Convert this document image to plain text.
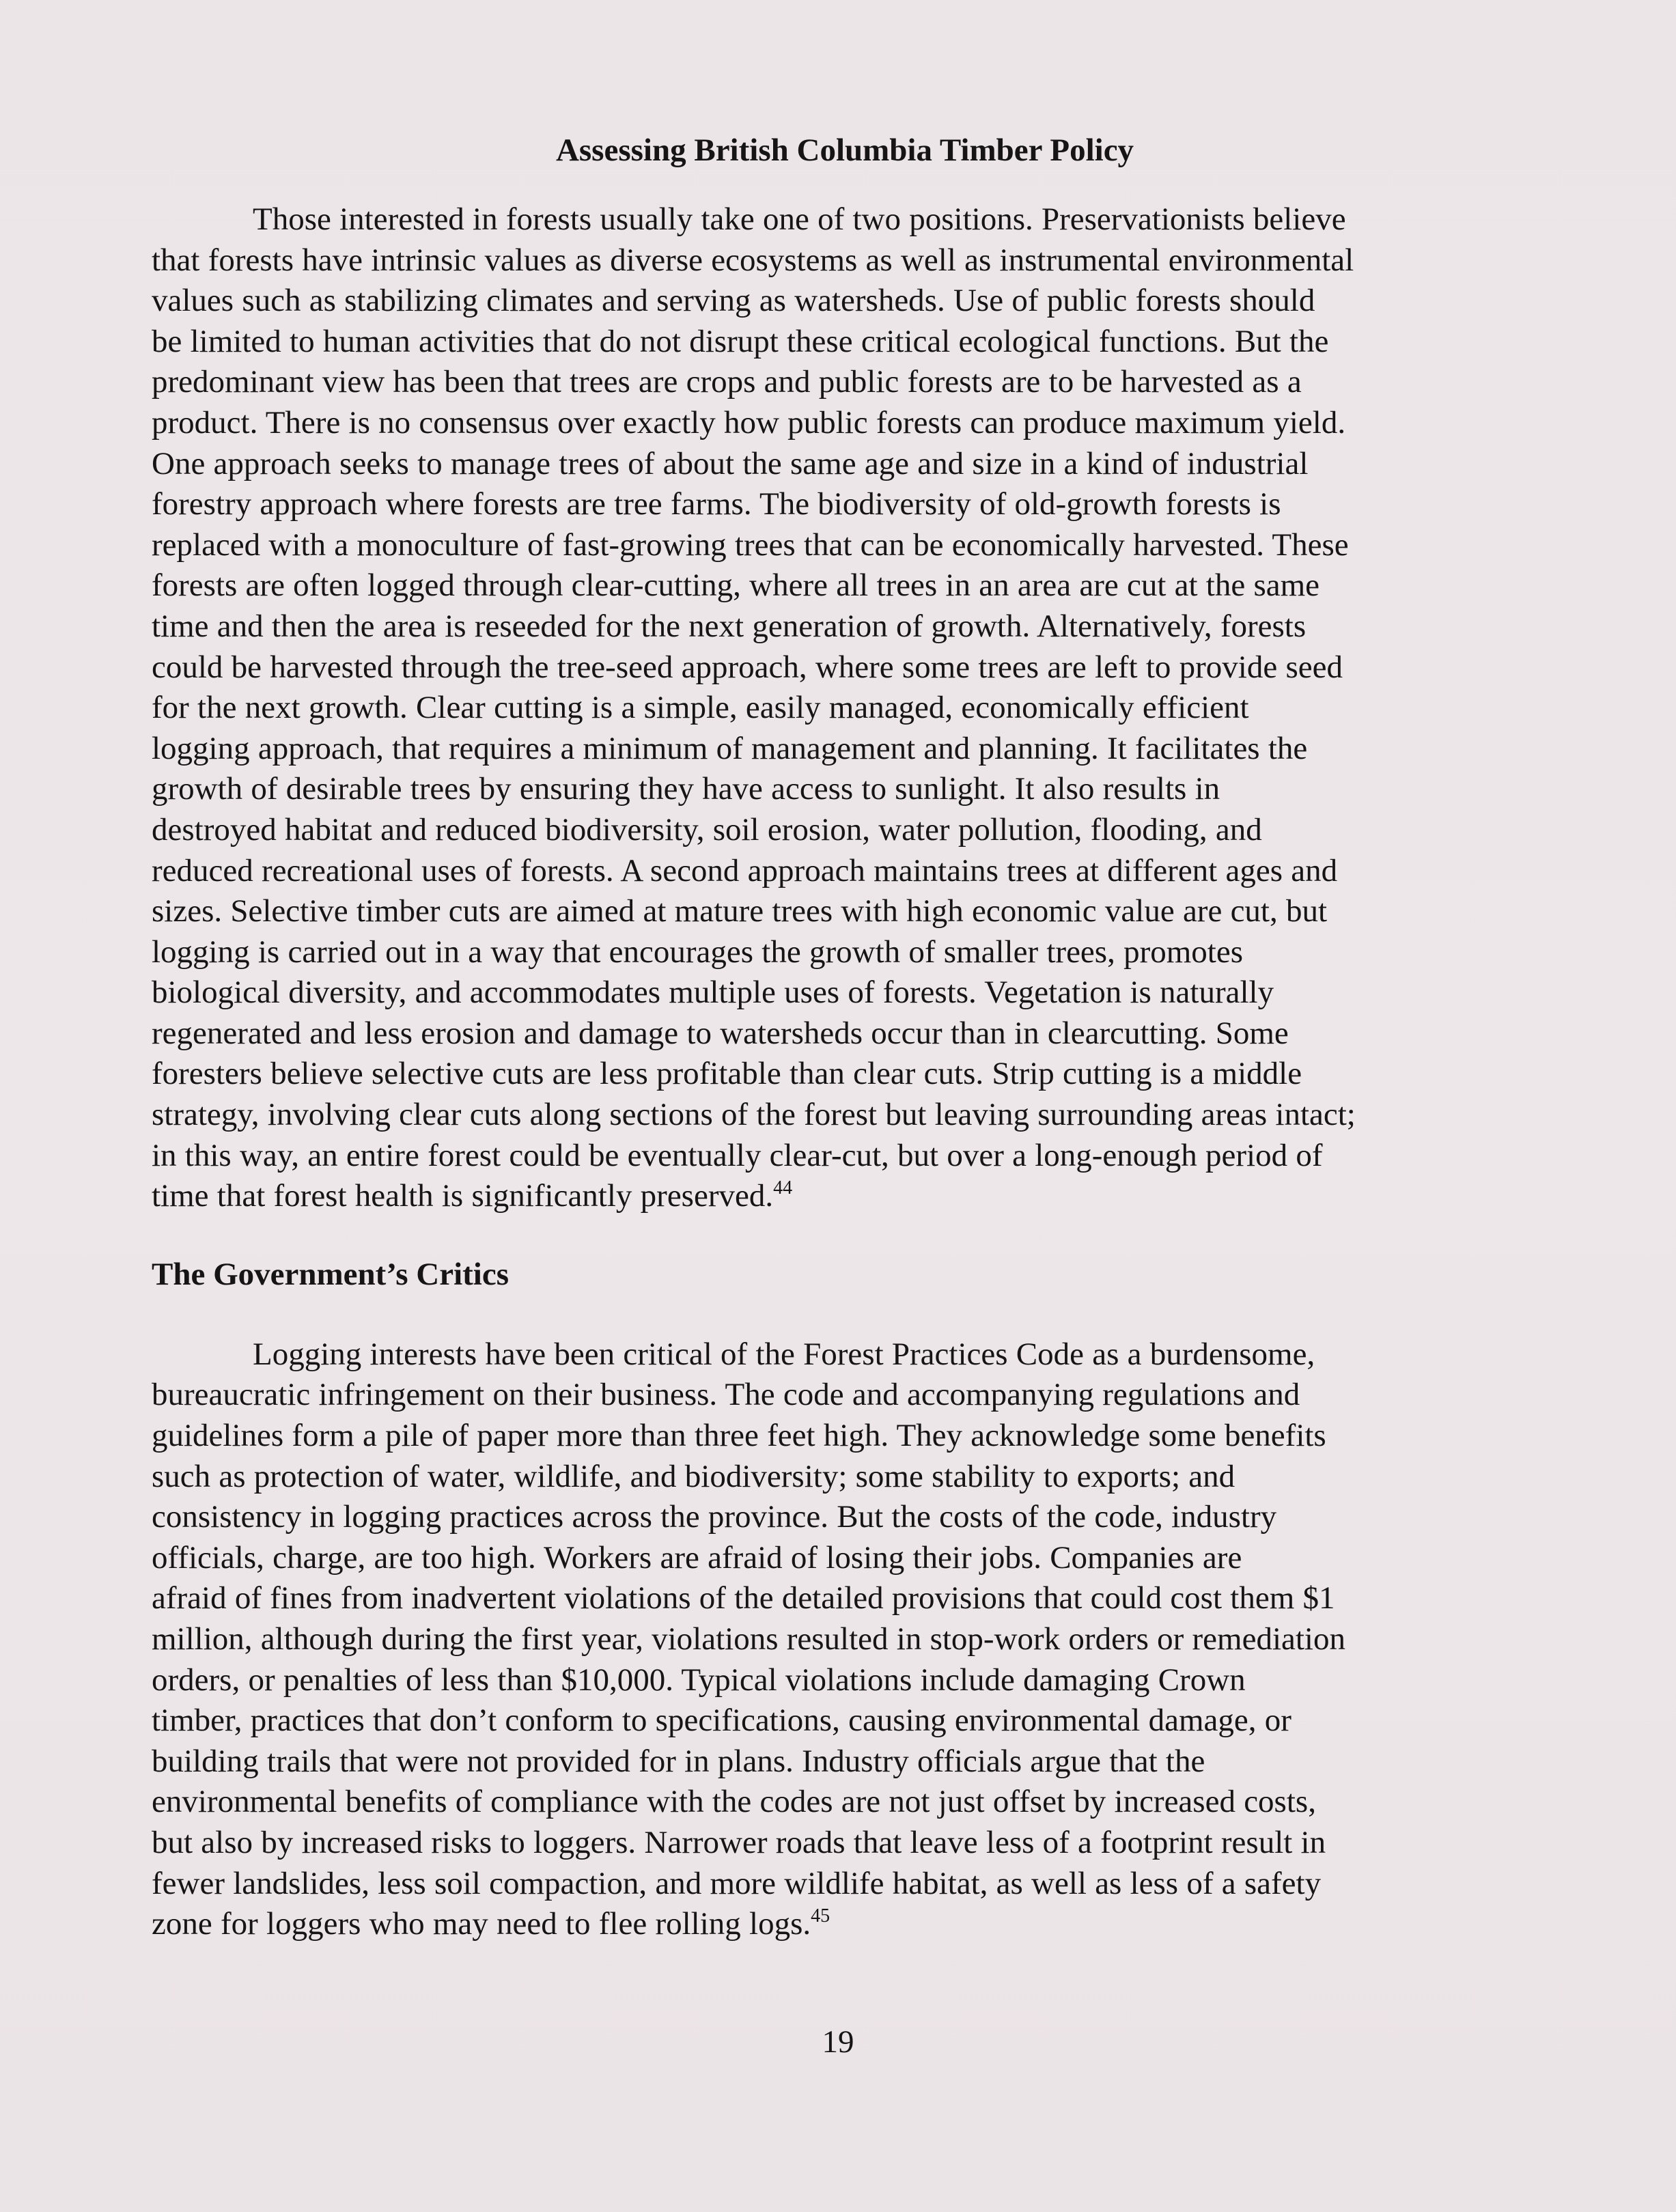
Assessing British Columbia Timber Policy

Those interested in forests usually take one of two positions. Preservationists believe
that forests have intrinsic values as diverse ecosystems as well as instrumental environmental
values such as stabilizing climates and serving as watersheds. Use of public forests should
be limited to human activities that do not disrupt these critical ecological functions. But the
predominant view has been that trees are crops and public forests are to be harvested as a
product. There is no consensus over exactly how public forests can produce maximum yield.
One approach seeks to manage trees of about the same age and size in a kind of industrial
forestry approach where forests are tree farms. The biodiversity of old-growth forests is
replaced with a monoculture of fast-growing trees that can be economically harvested. These
forests are often logged through clear-cutting, where all trees in an area are cut at the same
time and then the area is reseeded for the next generation of growth. Alternatively, forests
could be harvested through the tree-seed approach, where some trees are left to provide seed
for the next growth. Clear cutting is a simple, easily managed, economically efficient
logging approach, that requires a minimum of management and planning. It facilitates the
growth of desirable trees by ensuring they have access to sunlight. It also results in
destroyed habitat and reduced biodiversity, soil erosion, water pollution, flooding, and
reduced recreational uses of forests. A second approach maintains trees at different ages and
sizes. Selective timber cuts are aimed at mature trees with high economic value are cut, but
logging is carried out in a way that encourages the growth of smaller trees, promotes
biological diversity, and accommodates multiple uses of forests. Vegetation is naturally
regenerated and less erosion and damage to watersheds occur than in clearcutting. Some
foresters believe selective cuts are less profitable than clear cuts. Strip cutting is a middle
strategy, involving clear cuts along sections of the forest but leaving surrounding areas intact;
in this way, an entire forest could be eventually clear-cut, but over a long-enough period of
time that forest health is significantly preserved.$^{44}$

The Government’s Critics

Logging interests have been critical of the Forest Practices Code as a burdensome,
bureaucratic infringement on their business. The code and accompanying regulations and
guidelines form a pile of paper more than three feet high. They acknowledge some benefits
such as protection of water, wildlife, and biodiversity; some stability to exports; and
consistency in logging practices across the province. But the costs of the code, industry
officials, charge, are too high. Workers are afraid of losing their jobs. Companies are
afraid of fines from inadvertent violations of the detailed provisions that could cost them $1
million, although during the first year, violations resulted in stop-work orders or remediation
orders, or penalties of less than $10,000. Typical violations include damaging Crown
timber, practices that don’t conform to specifications, causing environmental damage, or
building trails that were not provided for in plans. Industry officials argue that the
environmental benefits of compliance with the codes are not just offset by increased costs,
but also by increased risks to loggers. Narrower roads that leave less of a footprint result in
fewer landslides, less soil compaction, and more wildlife habitat, as well as less of a safety
zone for loggers who may need to flee rolling logs.$^{45}$

19
